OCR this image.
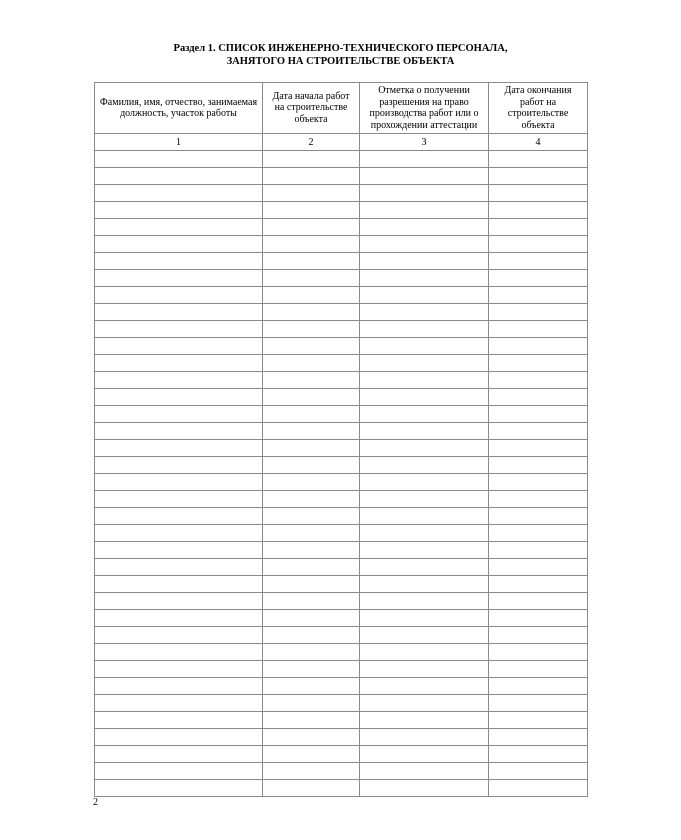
Раздел 1. СПИСОК ИНЖЕНЕРНО-ТЕХНИЧЕСКОГО ПЕРСОНАЛА,
ЗАНЯТОГО НА СТРОИТЕЛЬСТВЕ ОБЪЕКТА
Фамилия, имя, отчество, занимаемая должность, участок работы	Дата начала работ на строительстве объекта	Отметка о получении разрешения на право производства работ или о прохождении аттестации	Дата окончания работ на строительстве объекта

1	2	3	4

2
